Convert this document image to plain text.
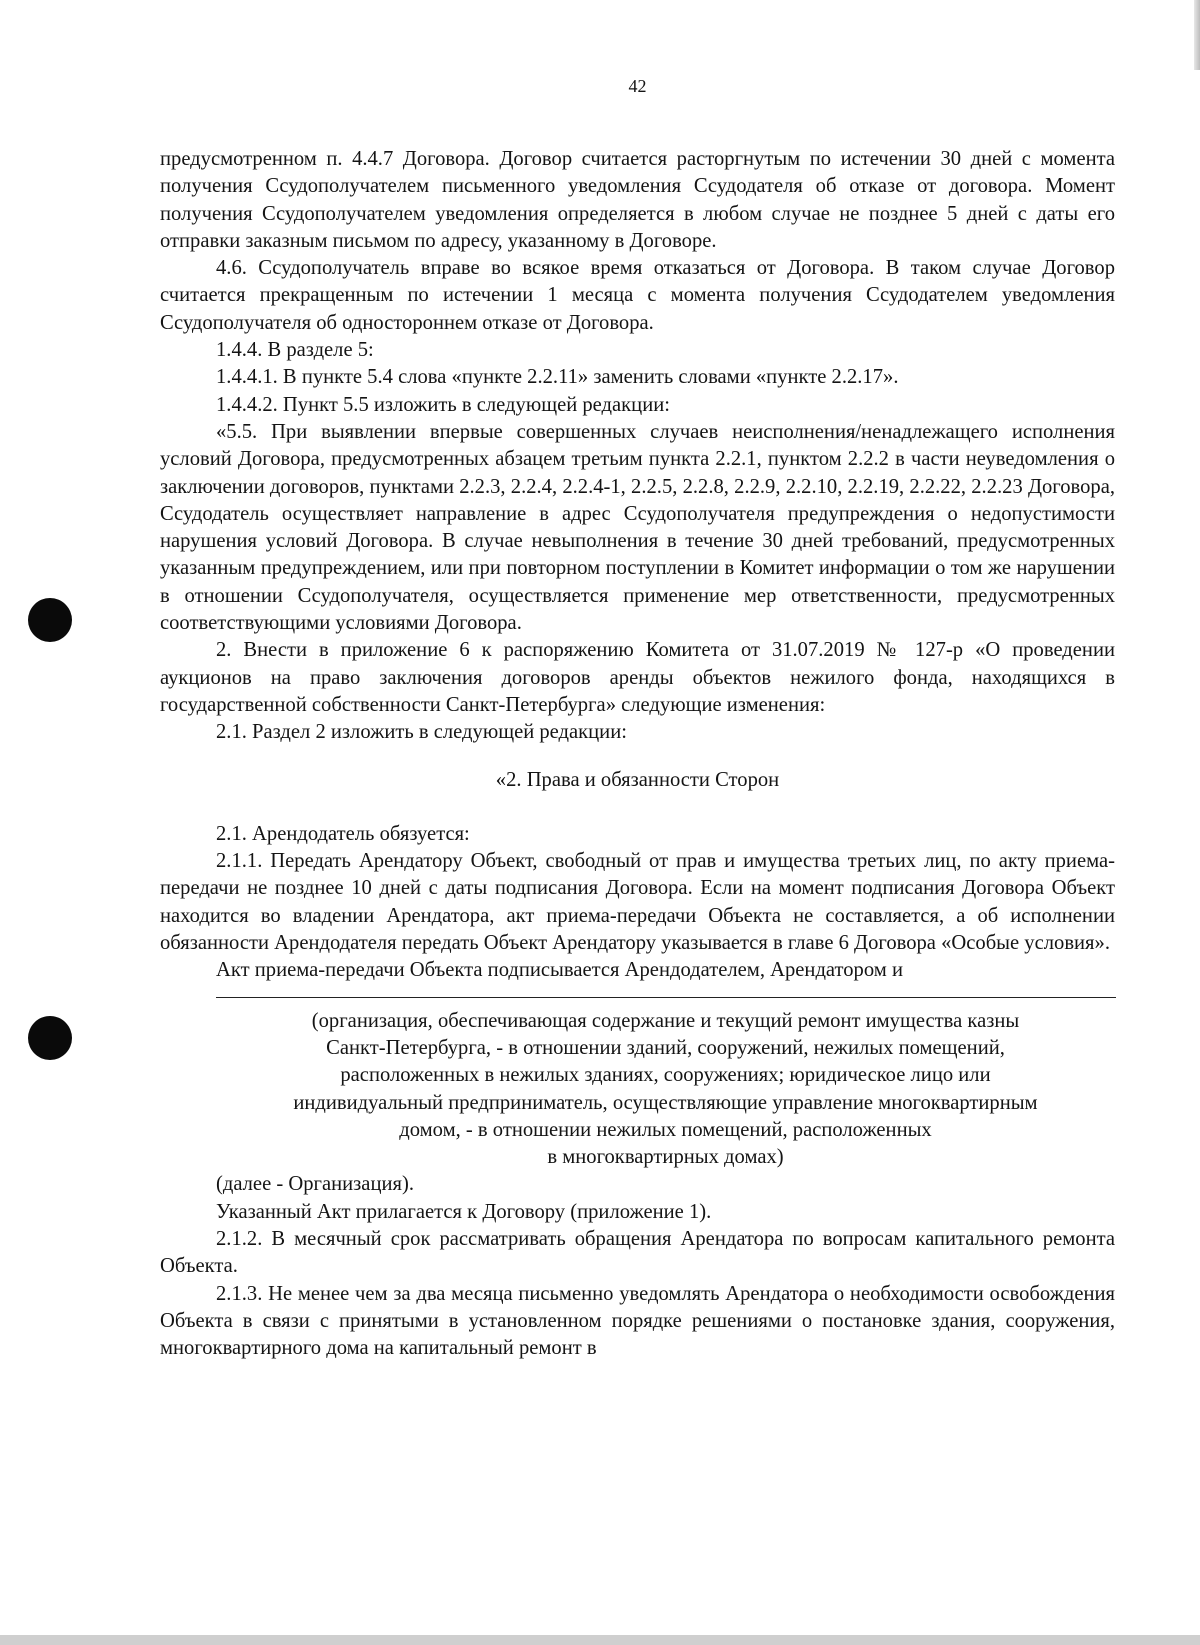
42

предусмотренном п. 4.4.7 Договора. Договор считается расторгнутым по истечении 30 дней с момента получения Ссудополучателем письменного уведомления Ссудодателя об отказе от договора. Момент получения Ссудополучателем уведомления определяется в любом случае не позднее 5 дней с даты его отправки заказным письмом по адресу, указанному в Договоре.

4.6. Ссудополучатель вправе во всякое время отказаться от Договора. В таком случае Договор считается прекращенным по истечении 1 месяца с момента получения Ссудодателем уведомления Ссудополучателя об одностороннем отказе от Договора.

1.4.4. В разделе 5:

1.4.4.1. В пункте 5.4 слова «пункте 2.2.11» заменить словами «пункте 2.2.17».

1.4.4.2. Пункт 5.5 изложить в следующей редакции:

«5.5. При выявлении впервые совершенных случаев неисполнения/ненадлежащего исполнения условий Договора, предусмотренных абзацем третьим пункта 2.2.1, пунктом 2.2.2 в части неуведомления о заключении договоров, пунктами 2.2.3, 2.2.4, 2.2.4-1, 2.2.5, 2.2.8, 2.2.9, 2.2.10, 2.2.19, 2.2.22, 2.2.23 Договора, Ссудодатель осуществляет направление в адрес Ссудополучателя предупреждения о недопустимости нарушения условий Договора. В случае невыполнения в течение 30 дней требований, предусмотренных указанным предупреждением, или при повторном поступлении в Комитет информации о том же нарушении в отношении Ссудополучателя, осуществляется применение мер ответственности, предусмотренных соответствующими условиями Договора.

2. Внести в приложение 6 к распоряжению Комитета от 31.07.2019 № 127-р «О проведении аукционов на право заключения договоров аренды объектов нежилого фонда, находящихся в государственной собственности Санкт-Петербурга» следующие изменения:

2.1. Раздел 2 изложить в следующей редакции:

«2. Права и обязанности Сторон

2.1. Арендодатель обязуется:

2.1.1. Передать Арендатору Объект, свободный от прав и имущества третьих лиц, по акту приема-передачи не позднее 10 дней с даты подписания Договора. Если на момент подписания Договора Объект находится во владении Арендатора, акт приема-передачи Объекта не составляется, а об исполнении обязанности Арендодателя передать Объект Арендатору указывается в главе 6 Договора «Особые условия».

Акт приема-передачи Объекта подписывается Арендодателем, Арендатором и

(организация, обеспечивающая содержание и текущий ремонт имущества казны
Санкт-Петербурга, - в отношении зданий, сооружений, нежилых помещений,
расположенных в нежилых зданиях, сооружениях; юридическое лицо или
индивидуальный предприниматель, осуществляющие управление многоквартирным
домом, - в отношении нежилых помещений, расположенных
в многоквартирных домах)

(далее - Организация).

Указанный Акт прилагается к Договору (приложение 1).

2.1.2. В месячный срок рассматривать обращения Арендатора по вопросам капитального ремонта Объекта.

2.1.3. Не менее чем за два месяца письменно уведомлять Арендатора о необходимости освобождения Объекта в связи с принятыми в установленном порядке решениями о постановке здания, сооружения, многоквартирного дома на капитальный ремонт в
